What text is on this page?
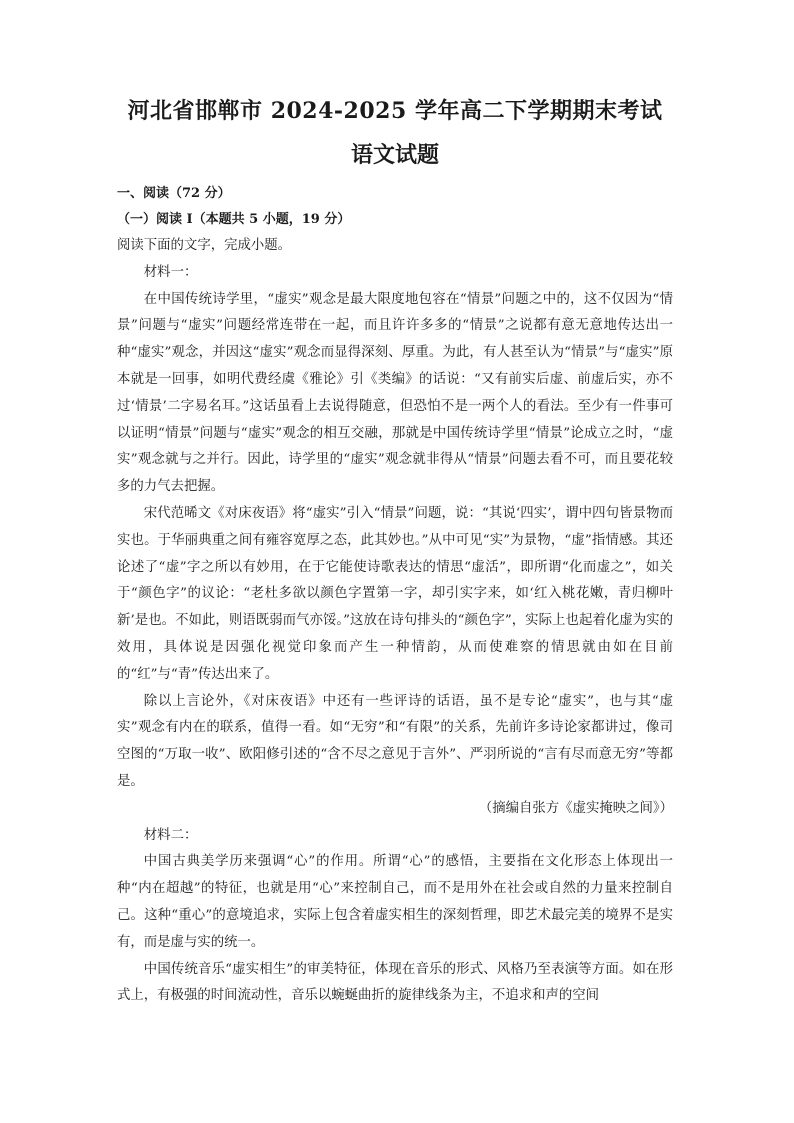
河北省邯郸市 2024-2025 学年高二下学期期末考试
语文试题
一、阅读（72 分）
（一）阅读 I（本题共 5 小题，19 分）

阅读下面的文字，完成小题。

材料一：

在中国传统诗学里，“虚实”观念是最大限度地包容在“情景”问题之中的，这不仅因为“情景”问题与“虚实”问题经常连带在一起，而且许许多多的“情景”之说都有意无意地传达出一种“虚实”观念，并因这“虚实”观念而显得深刻、厚重。为此，有人甚至认为“情景”与“虚实”原本就是一回事，如明代费经虞《雅论》引《类编》的话说：“又有前实后虚、前虚后实，亦不过‘情景’二字易名耳。”这话虽看上去说得随意，但恐怕不是一两个人的看法。至少有一件事可以证明“情景”问题与“虚实”观念的相互交融，那就是中国传统诗学里“情景”论成立之时，“虚实”观念就与之并行。因此，诗学里的“虚实”观念就非得从“情景”问题去看不可，而且要花较多的力气去把握。

宋代范晞文《对床夜语》将“虚实”引入“情景”问题，说：“其说‘四实’，谓中四句皆景物而实也。于华丽典重之间有雍容宽厚之态，此其妙也。”从中可见“实”为景物，“虚”指情感。其还论述了“虚”字之所以有妙用，在于它能使诗歌表达的情思“虚活”，即所谓“化而虚之”，如关于“颜色字”的议论：“老杜多欲以颜色字置第一字，却引实字来，如‘红入桃花嫩，青归柳叶新’是也。不如此，则语既弱而气亦馁。”这放在诗句排头的“颜色字”，实际上也起着化虚为实的效用，具体说是因强化视觉印象而产生一种情韵，从而使难察的情思就由如在目前的“红”与“青”传达出来了。

除以上言论外，《对床夜语》中还有一些评诗的话语，虽不是专论“虚实”，也与其“虚实”观念有内在的联系，值得一看。如“无穷”和“有限”的关系，先前许多诗论家都讲过，像司空图的“万取一收”、欧阳修引述的“含不尽之意见于言外”、严羽所说的“言有尽而意无穷”等都是。

（摘编自张方《虚实掩映之间》）

材料二：

中国古典美学历来强调“心”的作用。所谓“心”的感悟，主要指在文化形态上体现出一种“内在超越”的特征，也就是用“心”来控制自己，而不是用外在社会或自然的力量来控制自己。这种“重心”的意境追求，实际上包含着虚实相生的深刻哲理，即艺术最完美的境界不是实有，而是虚与实的统一。

中国传统音乐“虚实相生”的审美特征，体现在音乐的形式、风格乃至表演等方面。如在形式上，有极强的时间流动性，音乐以蜿蜒曲折的旋律线条为主，不追求和声的空间
